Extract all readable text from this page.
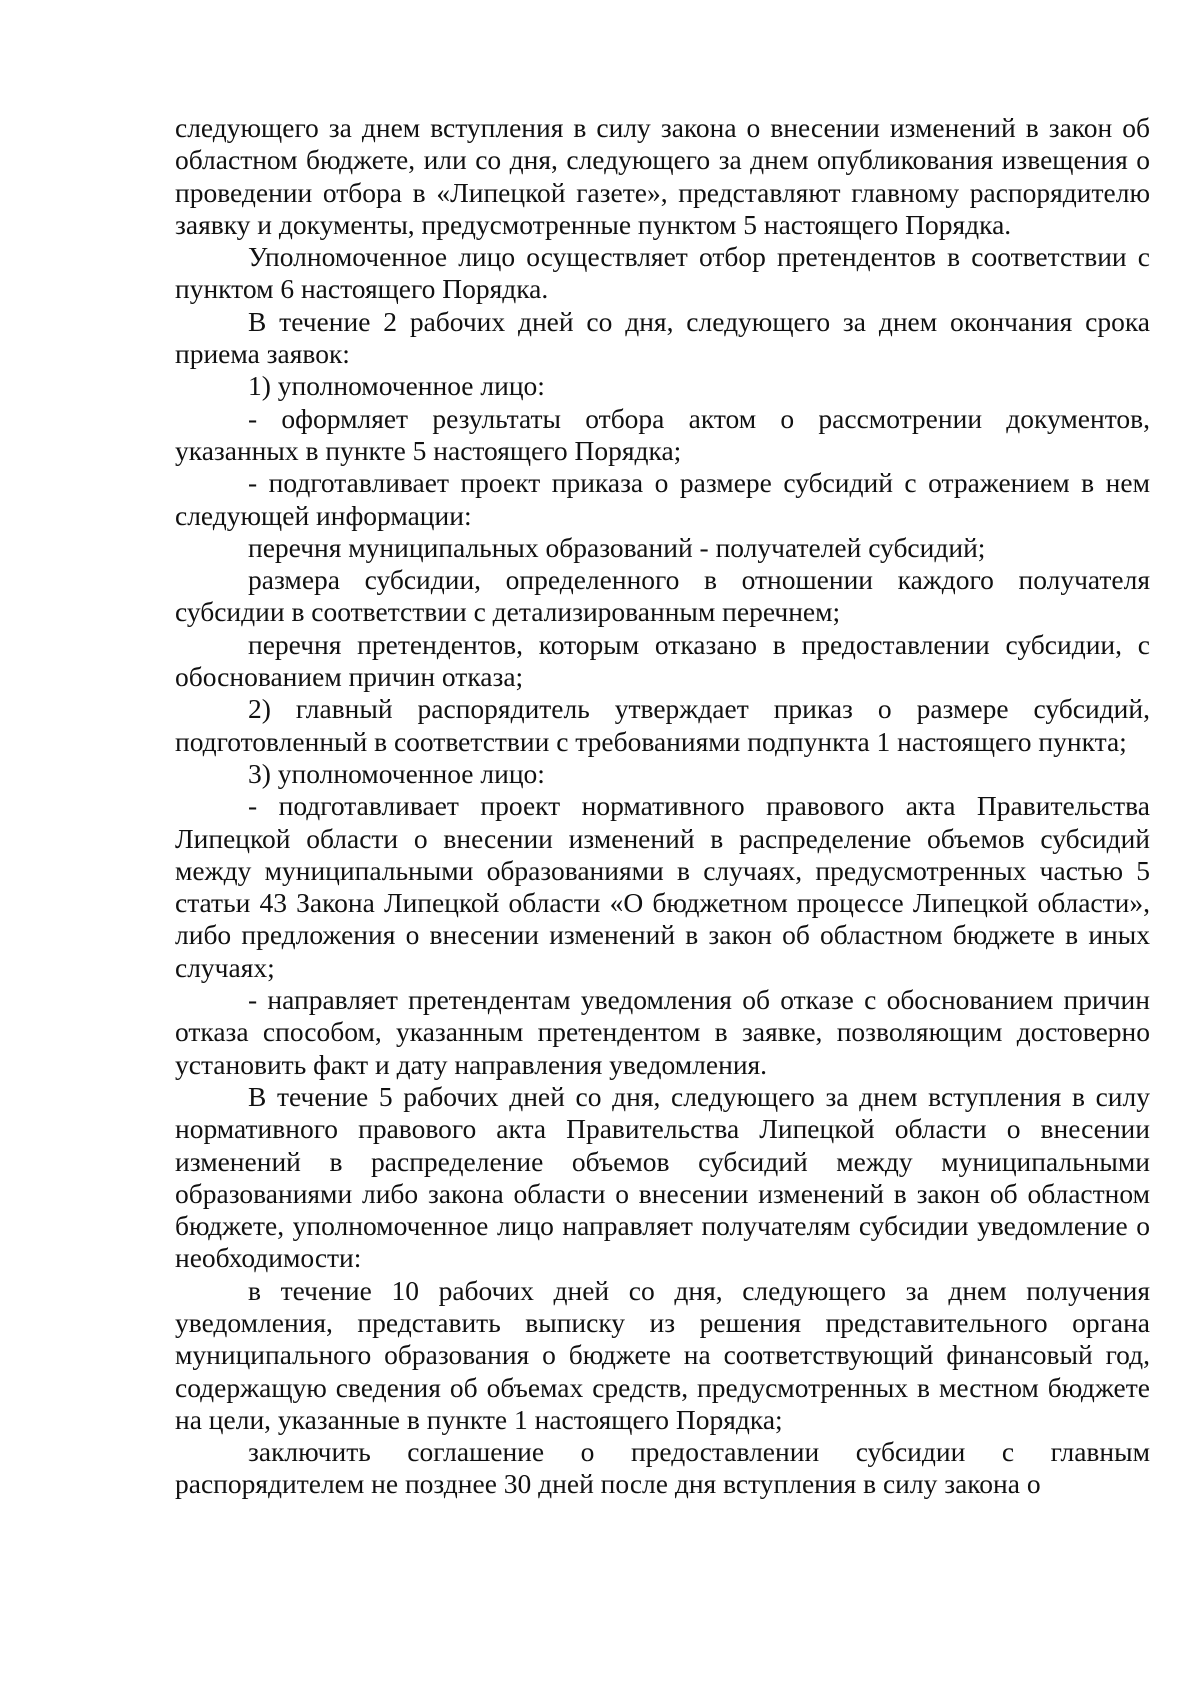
следующего за днем вступления в силу закона о внесении изменений в закон об областном бюджете, или со дня, следующего за днем опубликования извещения о проведении отбора в «Липецкой газете», представляют главному распорядителю заявку и документы, предусмотренные пунктом 5 настоящего Порядка.

Уполномоченное лицо осуществляет отбор претендентов в соответствии с пунктом 6 настоящего Порядка.

В течение 2 рабочих дней со дня, следующего за днем окончания срока приема заявок:

1) уполномоченное лицо:

- оформляет результаты отбора актом о рассмотрении документов, указанных в пункте 5 настоящего Порядка;

- подготавливает проект приказа о размере субсидий с отражением в нем следующей информации:

перечня муниципальных образований - получателей субсидий;

размера субсидии, определенного в отношении каждого получателя субсидии в соответствии с детализированным перечнем;

перечня претендентов, которым отказано в предоставлении субсидии, с обоснованием причин отказа;

2) главный распорядитель утверждает приказ о размере субсидий, подготовленный в соответствии с требованиями подпункта 1 настоящего пункта;

3) уполномоченное лицо:

- подготавливает проект нормативного правового акта Правительства Липецкой области о внесении изменений в распределение объемов субсидий между муниципальными образованиями в случаях, предусмотренных частью 5 статьи 43 Закона Липецкой области «О бюджетном процессе Липецкой области», либо предложения о внесении изменений в закон об областном бюджете в иных случаях;

- направляет претендентам уведомления об отказе с обоснованием причин отказа способом, указанным претендентом в заявке, позволяющим достоверно установить факт и дату направления уведомления.

В течение 5 рабочих дней со дня, следующего за днем вступления в силу нормативного правового акта Правительства Липецкой области о внесении изменений в распределение объемов субсидий между муниципальными образованиями либо закона области о внесении изменений в закон об областном бюджете, уполномоченное лицо направляет получателям субсидии уведомление о необходимости:

в течение 10 рабочих дней со дня, следующего за днем получения уведомления, представить выписку из решения представительного органа муниципального образования о бюджете на соответствующий финансовый год, содержащую сведения об объемах средств, предусмотренных в местном бюджете на цели, указанные в пункте 1 настоящего Порядка;

заключить соглашение о предоставлении субсидии с главным распорядителем не позднее 30 дней после дня вступления в силу закона о
